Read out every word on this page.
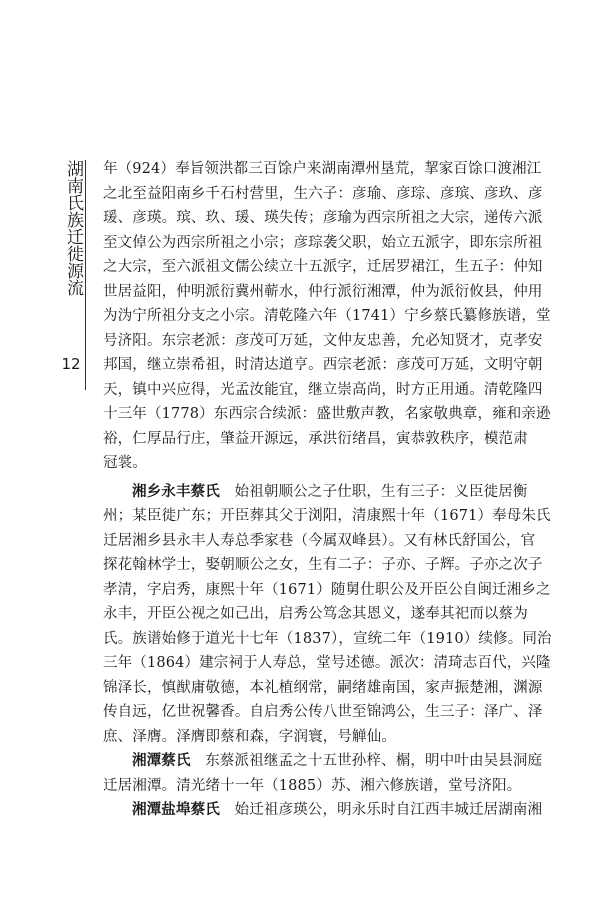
湖南氏族迁徙源流
12
年（924）奉旨领洪都三百馀户来湖南潭州垦荒，挈家百馀口渡湘江
之北至益阳南乡千石村营里，生六子：彦瑜、彦琮、彦瑸、彦玖、彦
瑗、彦瑛。瑸、玖、瑗、瑛失传；彦瑜为西宗所祖之大宗，递传六派
至文倬公为西宗所祖之小宗；彦琮袭父职，始立五派字，即东宗所祖
之大宗，至六派祖文儒公续立十五派字，迁居罗裙江，生五子：仲知
世居益阳，仲明派衍冀州蕲水，仲行派衍湘潭，仲为派衍攸县，仲用
为沩宁所祖分支之小宗。清乾隆六年（1741）宁乡蔡氏纂修族谱，堂
号济阳。东宗老派：彦茂可万延，文仲友忠善，允必知贤才，克孝安
邦国，继立崇希祖，时清达道亨。西宗老派：彦茂可万延，文明守朝
天，镇中兴应得，光孟汝能宜，继立崇高尚，时方正用通。清乾隆四
十三年（1778）东西宗合续派：盛世敷声教，名家敬典章，雍和亲逊
裕，仁厚品行庄，肇益开源远，承洪衍绪昌，寅恭敦秩序，模范肃
冠裳。
湘乡永丰蔡氏　始祖朝顺公之子仕职，生有三子：义臣徙居衡
州；某臣徙广东；开臣葬其父于浏阳，清康熙十年（1671）奉母朱氏
迁居湘乡县永丰人寿总季家巷（今属双峰县）。又有林氏舒国公，官
探花翰林学士，娶朝顺公之女，生有二子：子亦、子辉。子亦之次子
孝清，字启秀，康熙十年（1671）随舅仕职公及开臣公自闽迁湘乡之
永丰，开臣公视之如己出，启秀公笃念其恩义，遂奉其祀而以蔡为
氏。族谱始修于道光十七年（1837），宣统二年（1910）续修。同治
三年（1864）建宗祠于人寿总，堂号述德。派次：清琦志百代，兴隆
锦泽长，慎猷庸敬德，本礼植纲常，嗣绪雄南国，家声振楚湘，渊源
传自远，亿世祝馨香。自启秀公传八世至锦鸿公，生三子：泽广、泽
庶、泽膺。泽膺即蔡和森，字润寰，号觯仙。
湘潭蔡氏　东蔡派祖继孟之十五世孙梓、榍，明中叶由吴县洞庭
迁居湘潭。清光绪十一年（1885）苏、湘六修族谱，堂号济阳。
湘潭盐埠蔡氏　始迁祖彦瑛公，明永乐时自江西丰城迁居湖南湘
